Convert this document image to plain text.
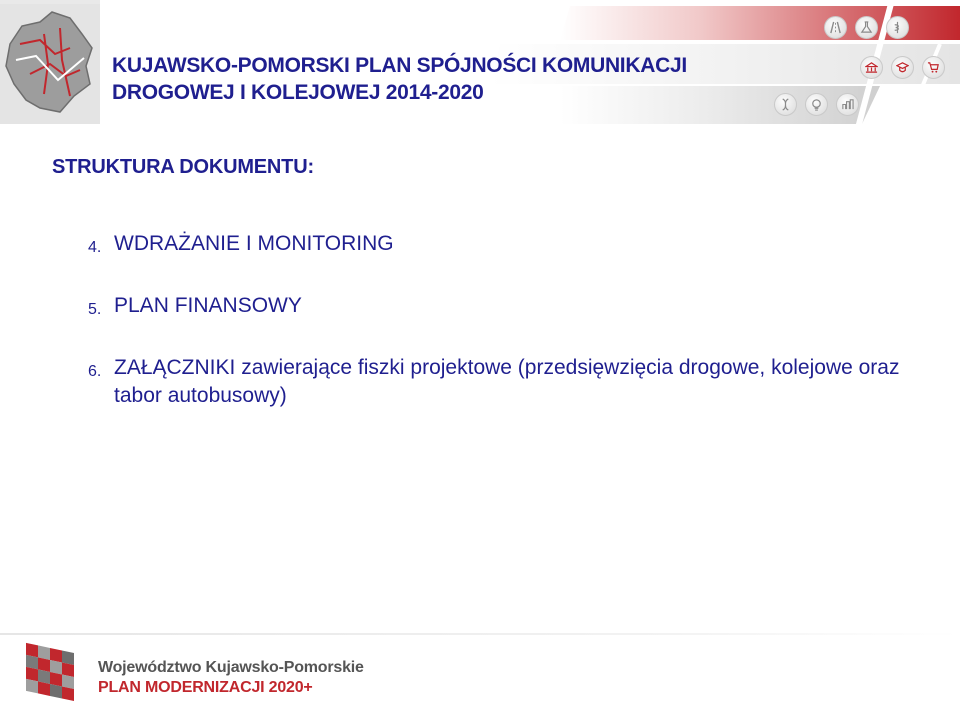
KUJAWSKO-POMORSKI PLAN SPÓJNOŚCI KOMUNIKACJI
DROGOWEJ I KOLEJOWEJ 2014-2020
STRUKTURA DOKUMENTU:
4. WDRAŻANIE I MONITORING
5. PLAN FINANSOWY
6. ZAŁĄCZNIKI zawierające fiszki projektowe (przedsięwzięcia drogowe, kolejowe oraz tabor autobusowy)
Województwo Kujawsko-Pomorskie
PLAN MODERNIZACJI 2020+
